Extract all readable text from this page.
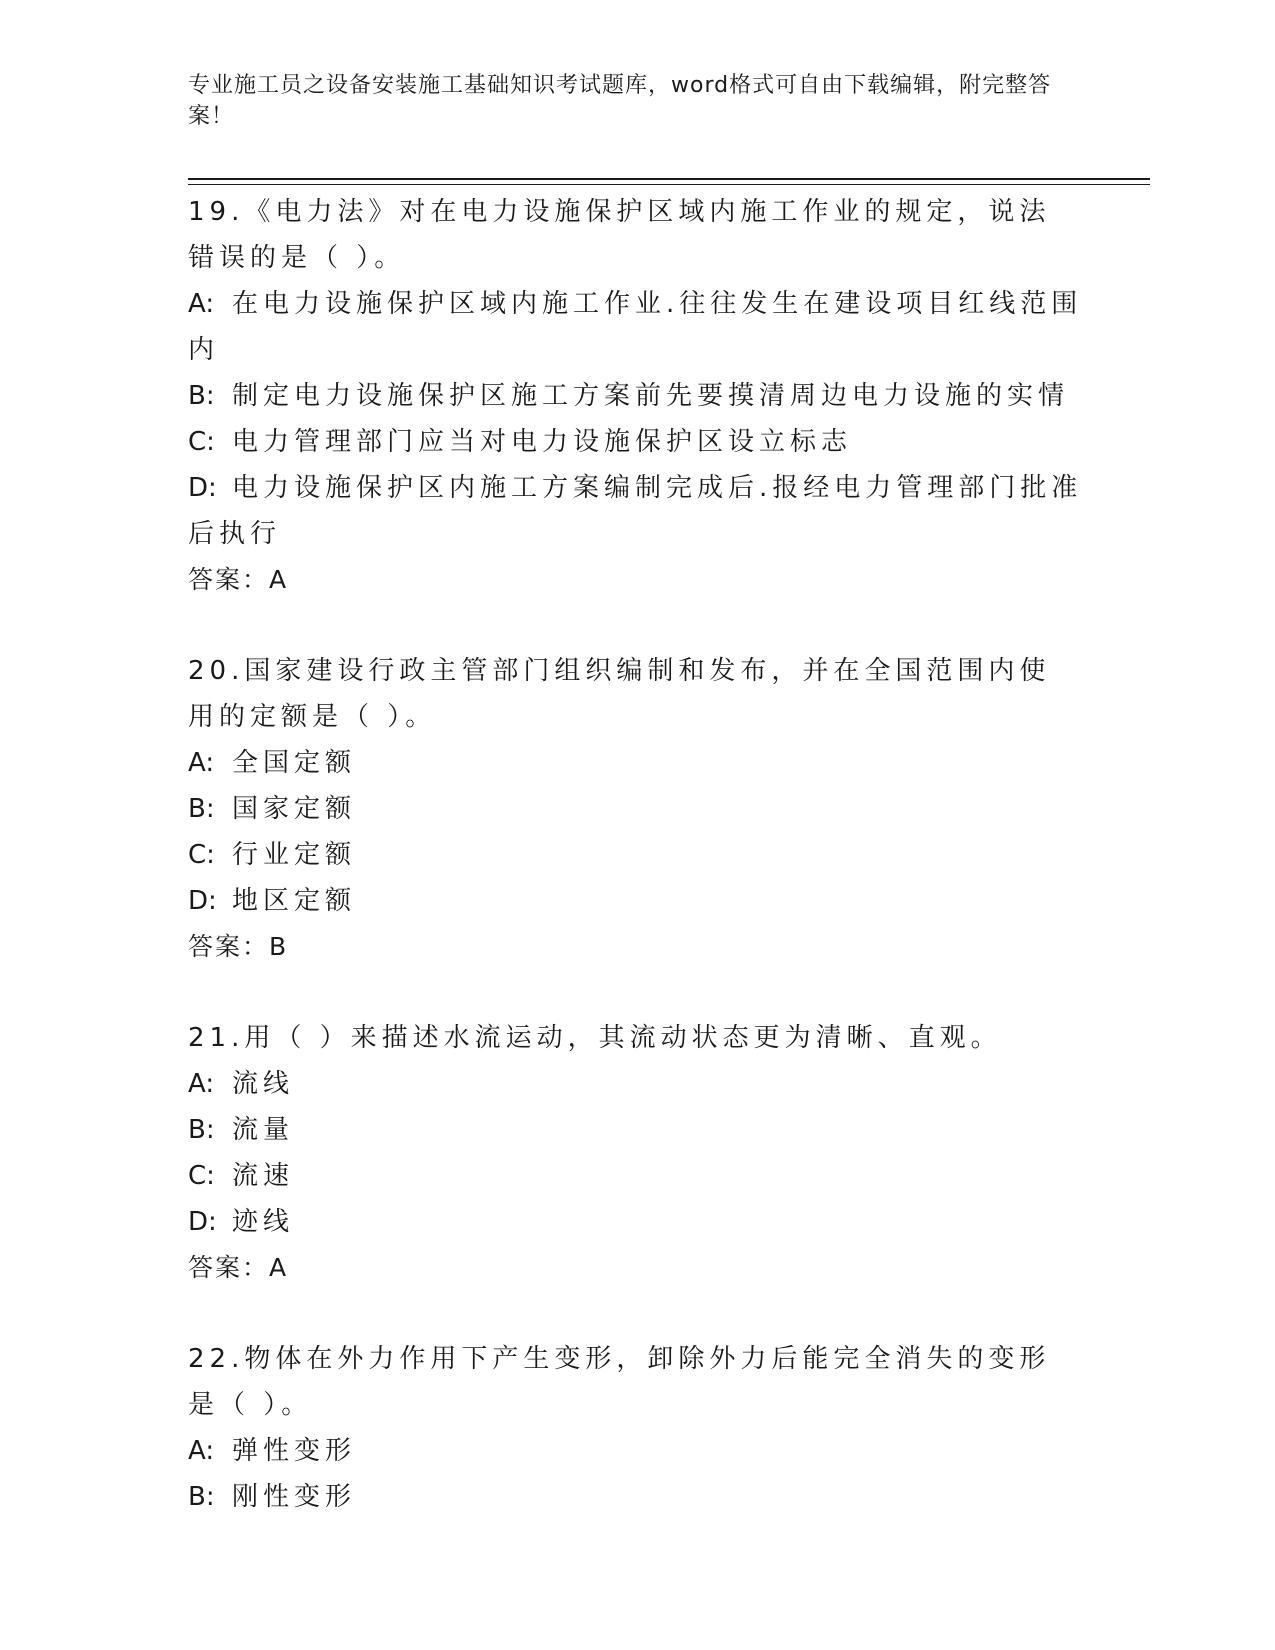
专业施工员之设备安装施工基础知识考试题库，word格式可自由下载编辑，附完整答案！
19.《电力法》对在电力设施保护区域内施工作业的规定，说法错误的是（ ）。
A: 在电力设施保护区域内施工作业.往往发生在建设项目红线范围内
B: 制定电力设施保护区施工方案前先要摸清周边电力设施的实情
C: 电力管理部门应当对电力设施保护区设立标志
D: 电力设施保护区内施工方案编制完成后.报经电力管理部门批准后执行
答案：A
20.国家建设行政主管部门组织编制和发布，并在全国范围内使用的定额是（ ）。
A: 全国定额
B: 国家定额
C: 行业定额
D: 地区定额
答案：B
21.用（ ）来描述水流运动，其流动状态更为清晰、直观。
A: 流线
B: 流量
C: 流速
D: 迹线
答案：A
22.物体在外力作用下产生变形，卸除外力后能完全消失的变形是（ ）。
A: 弹性变形
B: 刚性变形
